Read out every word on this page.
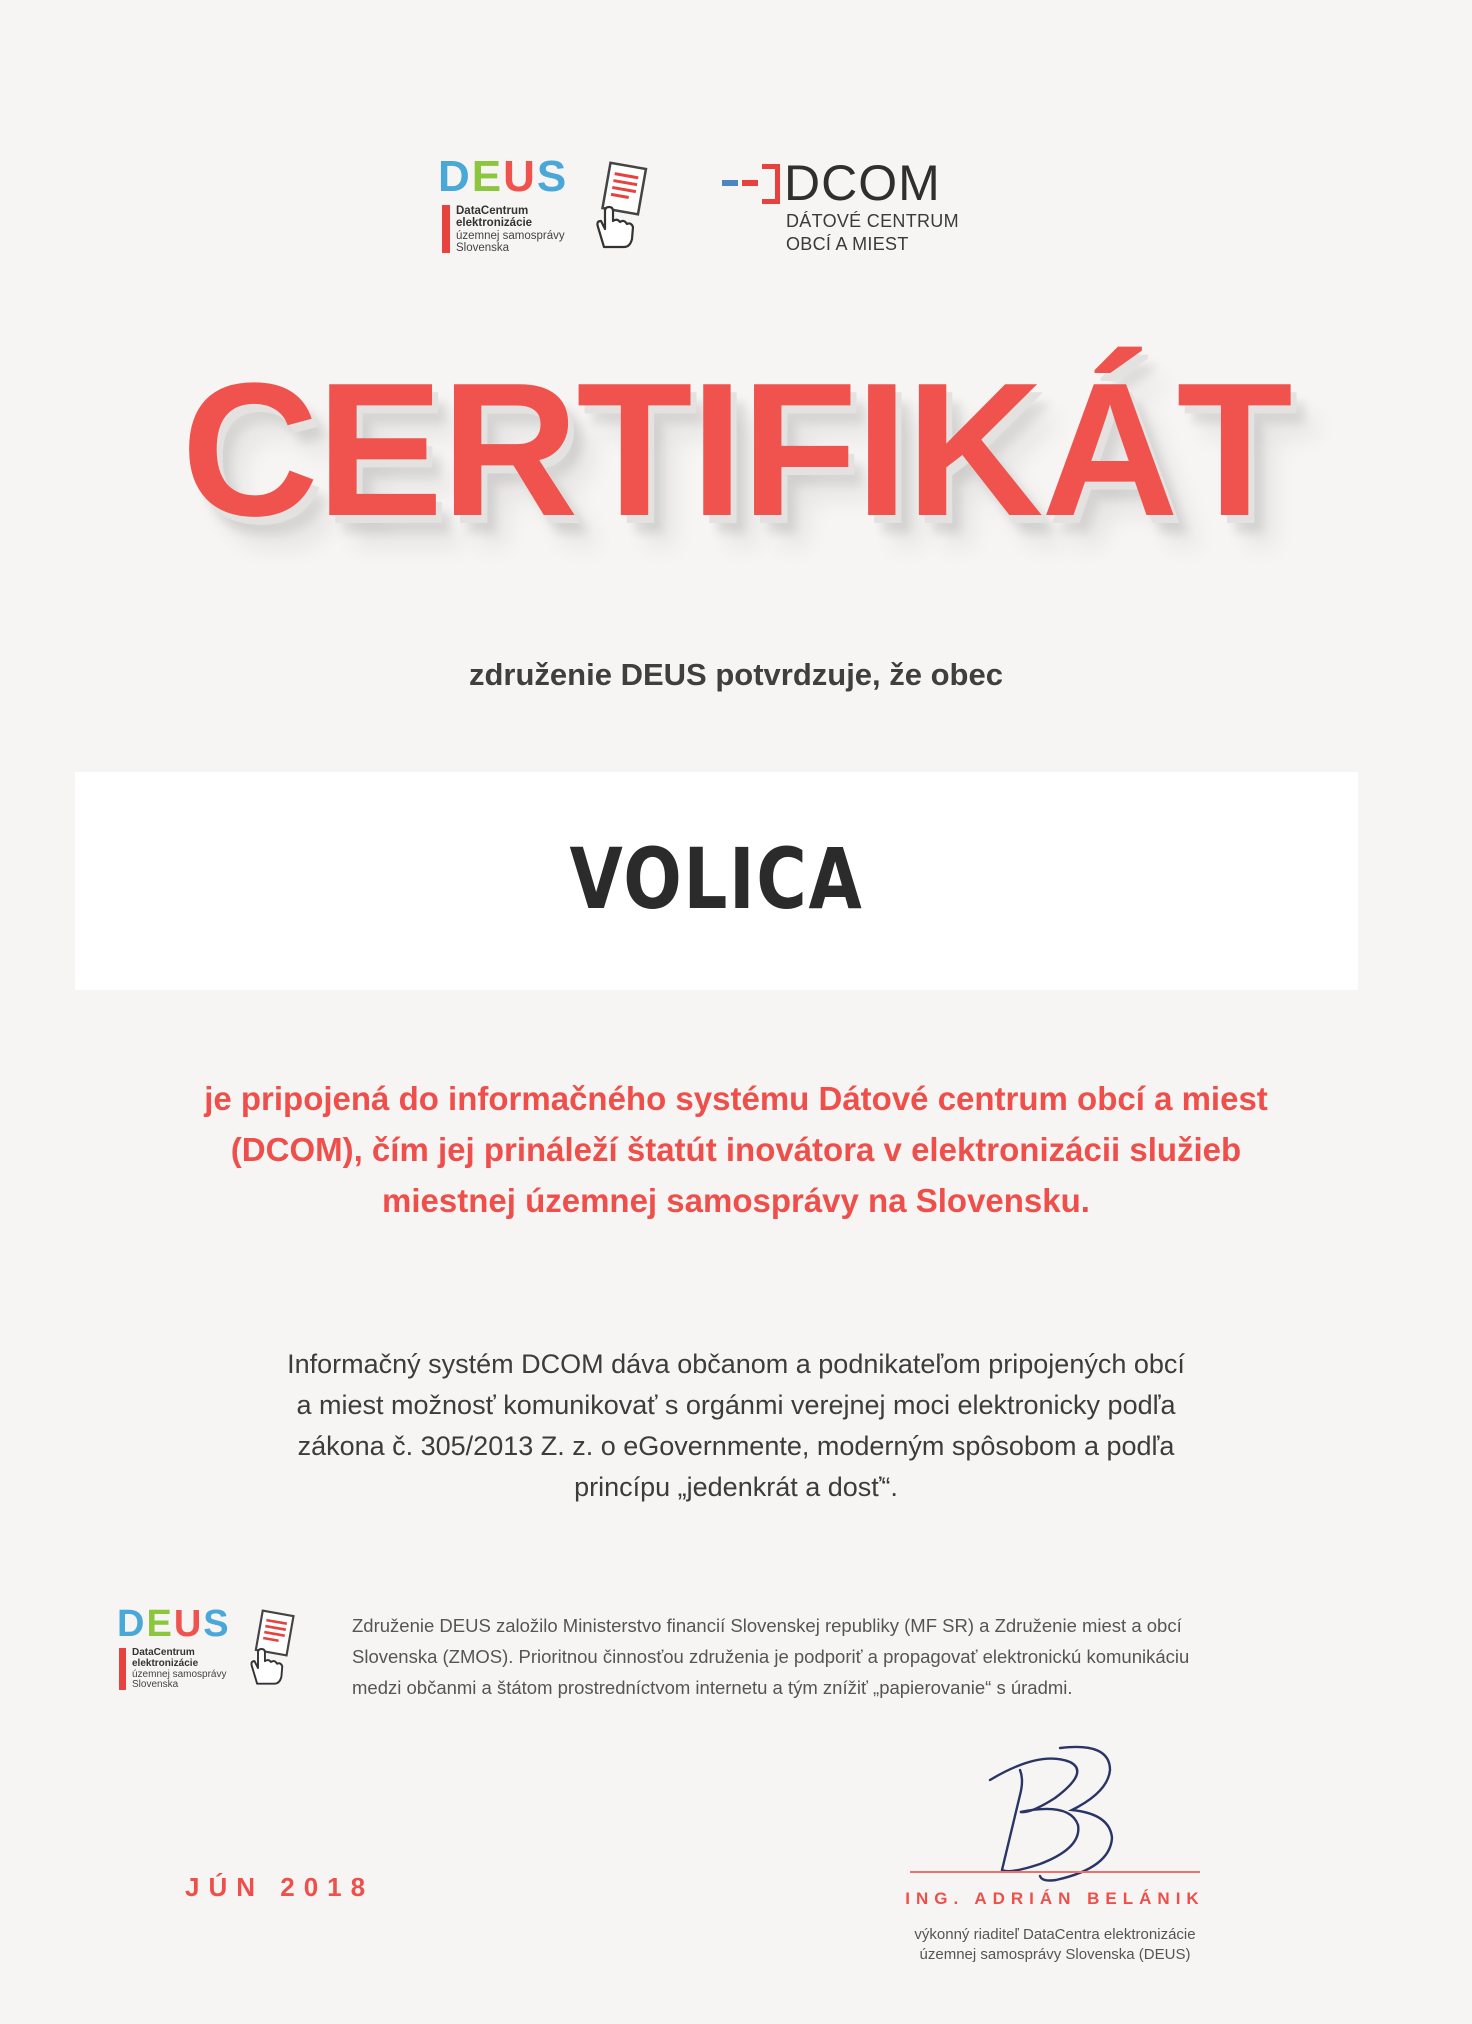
DEUS
DataCentrum
elektronizácie
územnej samosprávy
Slovenska
DCOM
DÁTOVÉ CENTRUM
OBCÍ A MIEST
CERTIFIKÁT
združenie DEUS potvrdzuje, že obec
VOLICA
je pripojená do informačného systému Dátové centrum obcí a miest
(DCOM), čím jej prináleží štatút inovátora v elektronizácii služieb
miestnej územnej samosprávy na Slovensku.
Informačný systém DCOM dáva občanom a podnikateľom pripojených obcí
a miest možnosť komunikovať s orgánmi verejnej moci elektronicky podľa
zákona č. 305/2013 Z. z. o eGovernmente, moderným spôsobom a podľa
princípu „jedenkrát a dosť“.
DEUS
DataCentrum
elektronizácie
územnej samosprávy
Slovenska
Združenie DEUS založilo Ministerstvo financií Slovenskej republiky (MF SR) a Združenie miest a obcí
Slovenska (ZMOS). Prioritnou činnosťou združenia je podporiť a propagovať elektronickú komunikáciu
medzi občanmi a štátom prostredníctvom internetu a tým znížiť „papierovanie“ s úradmi.
JÚN 2018	ING. ADRIÁN BELÁNIK
výkonný riaditeľ DataCentra elektronizácie
územnej samosprávy Slovenska (DEUS)
